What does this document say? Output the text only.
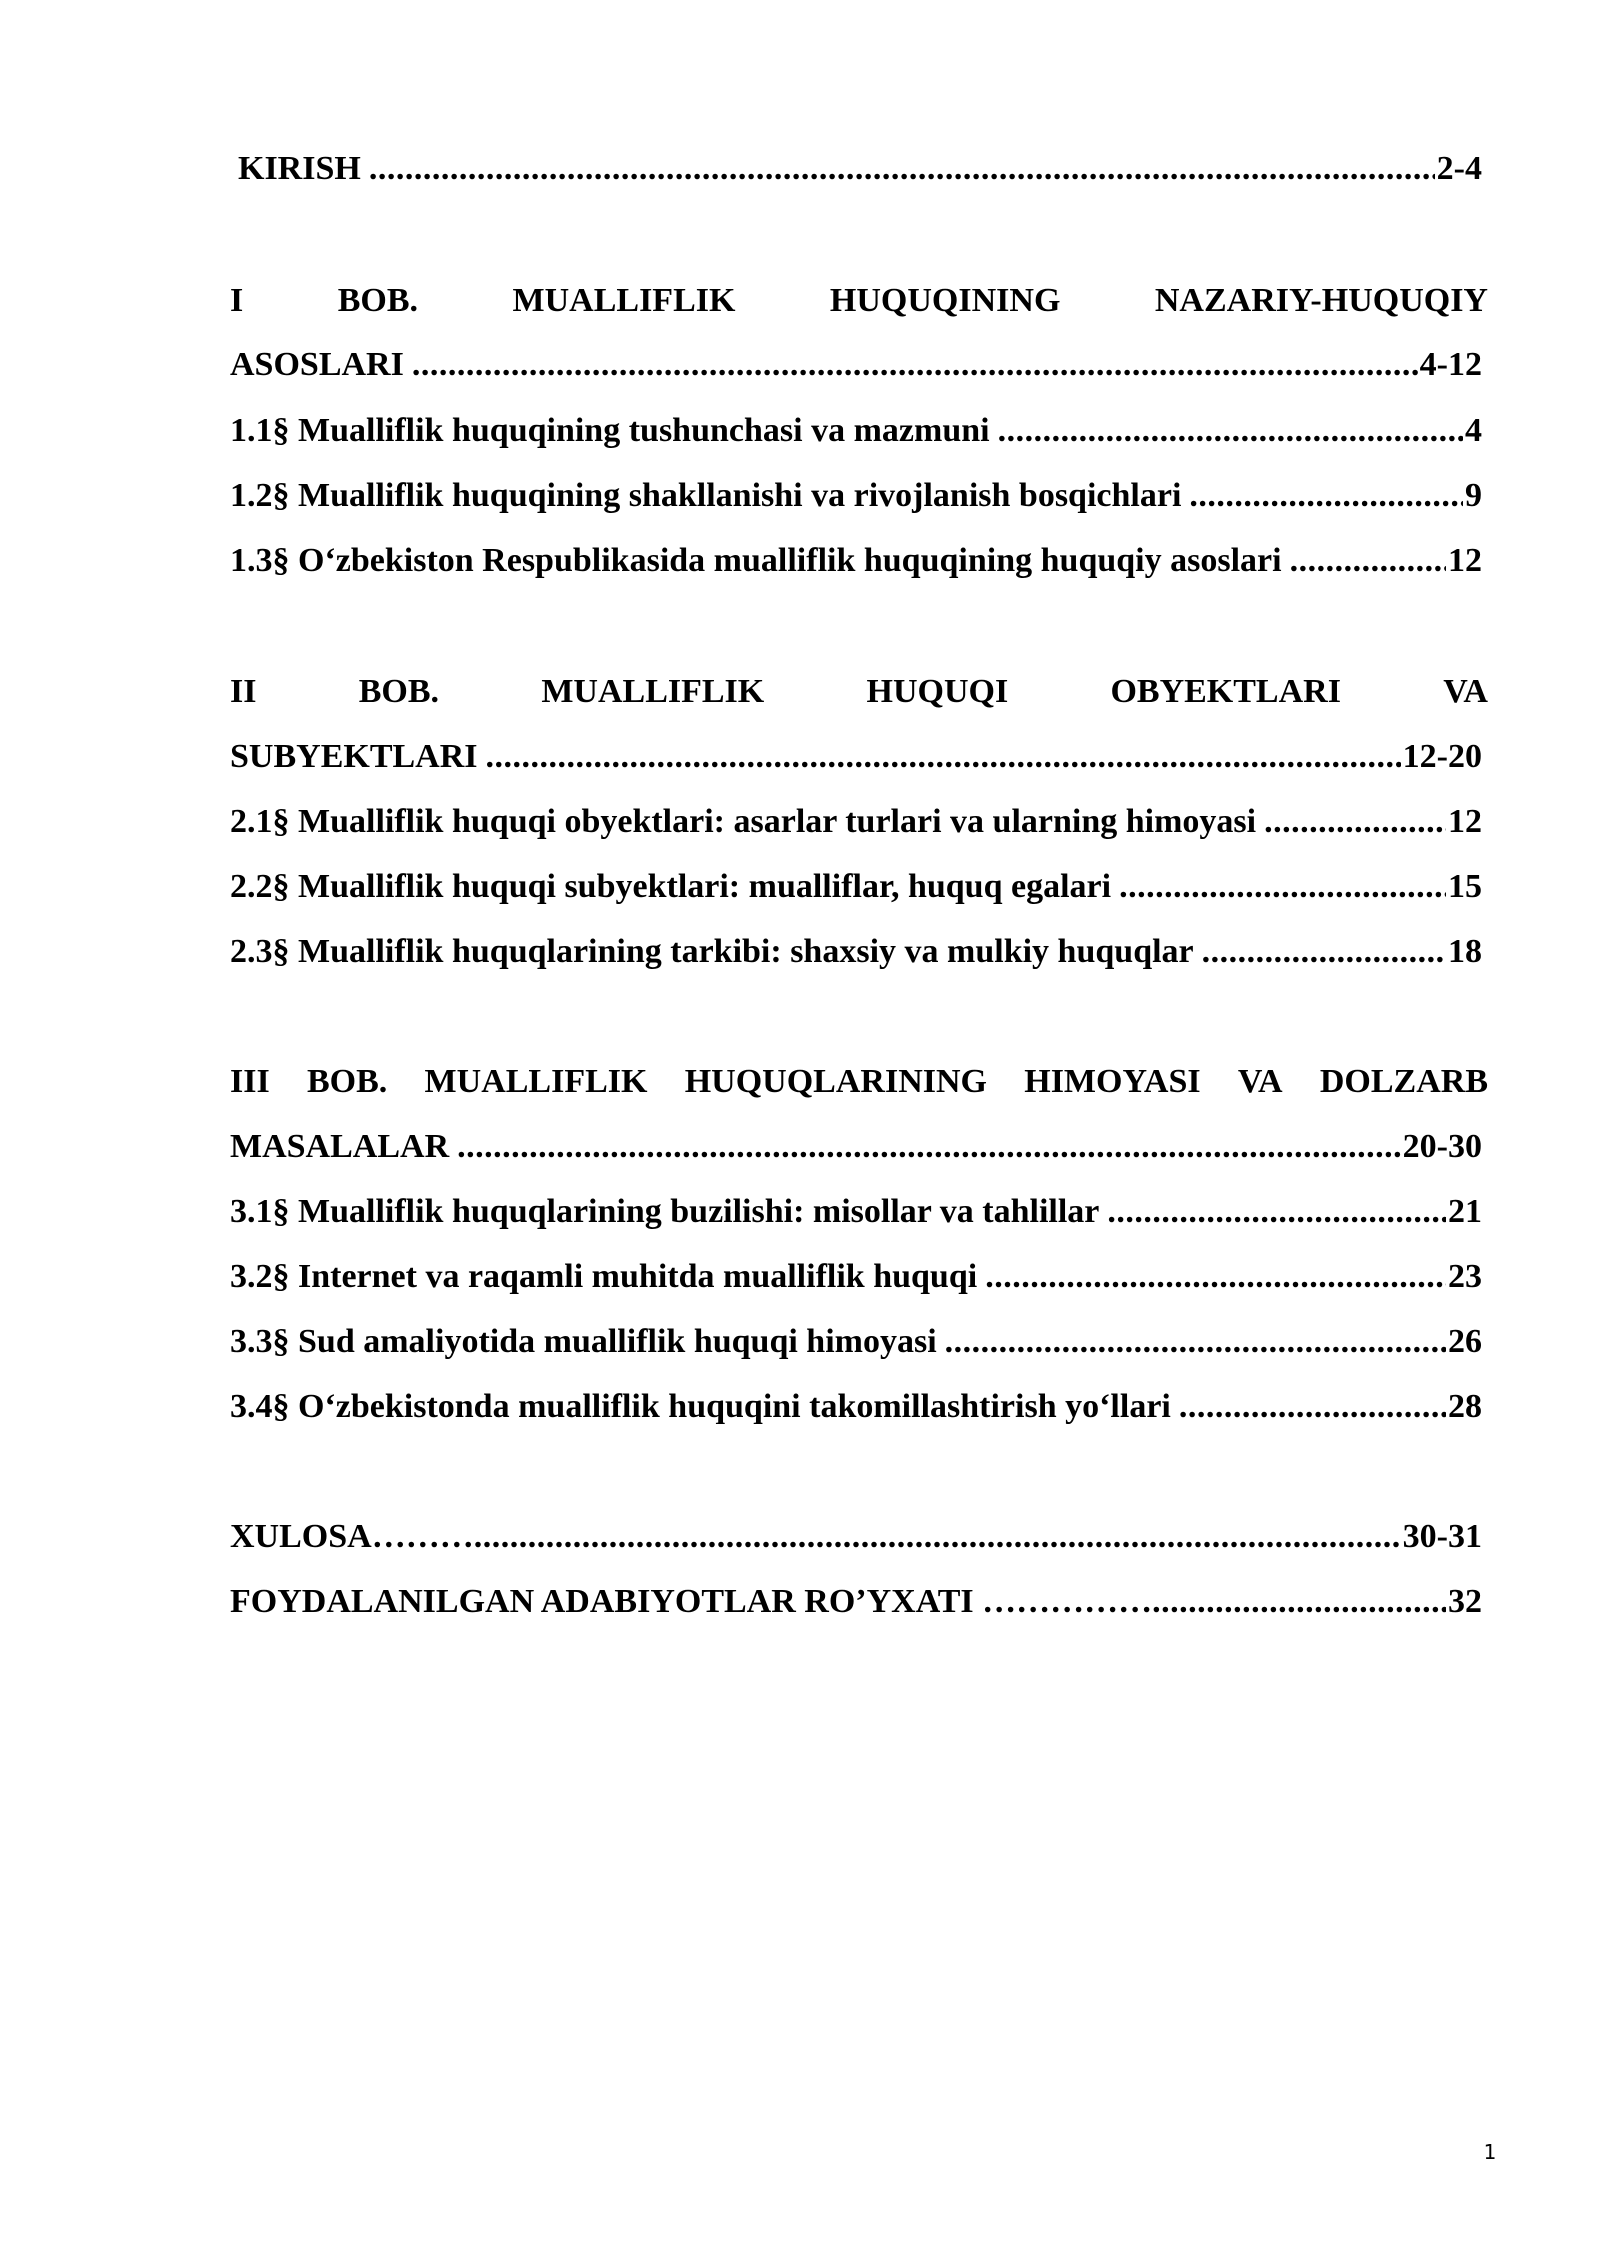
KIRISH .....	2-4
I	BOB.	MUALLIFLIK	HUQUQINING	NAZARIY-HUQUQIY
ASOSLARI .....	4-12
1.1§ Mualliflik huquqining tushunchasi va mazmuni .....	4
1.2§ Mualliflik huquqining shakllanishi va rivojlanish bosqichlari .....	9
1.3§ O‘zbekiston Respublikasida mualliflik huquqining huquqiy asoslari .....	12
II	BOB.	MUALLIFLIK	HUQUQI	OBYEKTLARI	VA
SUBYEKTLARI .....	12-20
2.1§ Mualliflik huquqi obyektlari: asarlar turlari va ularning himoyasi .....	12
2.2§ Mualliflik huquqi subyektlari: mualliflar, huquq egalari .....	15
2.3§ Mualliflik huquqlarining tarkibi: shaxsiy va mulkiy huquqlar .....	18
III BOB. MUALLIFLIK HUQUQLARINING HIMOYASI VA DOLZARB
MASALALAR .....	20-30
3.1§ Mualliflik huquqlarining buzilishi: misollar va tahlillar .....	21
3.2§ Internet va raqamli muhitda mualliflik huquqi .....	23
3.3§ Sud amaliyotida mualliflik huquqi himoyasi .....	26
3.4§ O‘zbekistonda mualliflik huquqini takomillashtirish yo‘llari .....	28
XULOSA……… .....	30-31
FOYDALANILGAN ADABIYOTLAR RO’YXATI …………… .....	32
1
